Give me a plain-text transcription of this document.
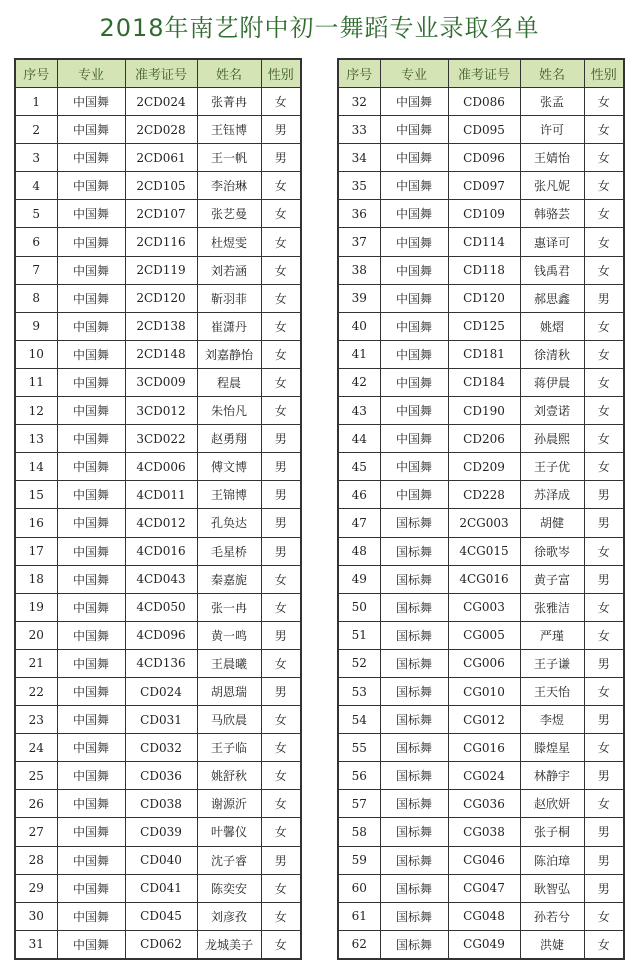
2018年南艺附中初一舞蹈专业录取名单
序号	专业	准考证号	姓名	性别
1	中国舞	2CD024	张菁冉	女
2	中国舞	2CD028	王钰博	男
3	中国舞	2CD061	王一帆	男
4	中国舞	2CD105	李治琳	女
5	中国舞	2CD107	张艺曼	女
6	中国舞	2CD116	杜煜雯	女
7	中国舞	2CD119	刘若涵	女
8	中国舞	2CD120	靳羽菲	女
9	中国舞	2CD138	崔潇丹	女
10	中国舞	2CD148	刘嘉静怡	女
11	中国舞	3CD009	程晨	女
12	中国舞	3CD012	朱怡凡	女
13	中国舞	3CD022	赵勇翔	男
14	中国舞	4CD006	傅文博	男
15	中国舞	4CD011	王锦博	男
16	中国舞	4CD012	孔奂达	男
17	中国舞	4CD016	毛星桥	男
18	中国舞	4CD043	秦嘉旎	女
19	中国舞	4CD050	张一冉	女
20	中国舞	4CD096	黄一鸣	男
21	中国舞	4CD136	王晨曦	女
22	中国舞	CD024	胡恩瑞	男
23	中国舞	CD031	马欣晨	女
24	中国舞	CD032	王子临	女
25	中国舞	CD036	姚舒秋	女
26	中国舞	CD038	谢源沂	女
27	中国舞	CD039	叶馨仪	女
28	中国舞	CD040	沈子睿	男
29	中国舞	CD041	陈奕安	女
30	中国舞	CD045	刘彦孜	女
31	中国舞	CD062	龙城美子	女
序号	专业	准考证号	姓名	性别
32	中国舞	CD086	张孟	女
33	中国舞	CD095	许可	女
34	中国舞	CD096	王婧怡	女
35	中国舞	CD097	张凡妮	女
36	中国舞	CD109	韩骆芸	女
37	中国舞	CD114	惠译可	女
38	中国舞	CD118	钱禹君	女
39	中国舞	CD120	郝思鑫	男
40	中国舞	CD125	姚熠	女
41	中国舞	CD181	徐清秋	女
42	中国舞	CD184	蒋伊晨	女
43	中国舞	CD190	刘壹诺	女
44	中国舞	CD206	孙晨熙	女
45	中国舞	CD209	王子优	女
46	中国舞	CD228	苏泽成	男
47	国标舞	2CG003	胡健	男
48	国标舞	4CG015	徐歌岑	女
49	国标舞	4CG016	黄子富	男
50	国标舞	CG003	张雅洁	女
51	国标舞	CG005	严瑾	女
52	国标舞	CG006	王子谦	男
53	国标舞	CG010	王天怡	女
54	国标舞	CG012	李煜	男
55	国标舞	CG016	滕煌星	女
56	国标舞	CG024	林静宇	男
57	国标舞	CG036	赵欣妍	女
58	国标舞	CG038	张子桐	男
59	国标舞	CG046	陈泊璋	男
60	国标舞	CG047	耿智弘	男
61	国标舞	CG048	孙若兮	女
62	国标舞	CG049	洪婕	女
